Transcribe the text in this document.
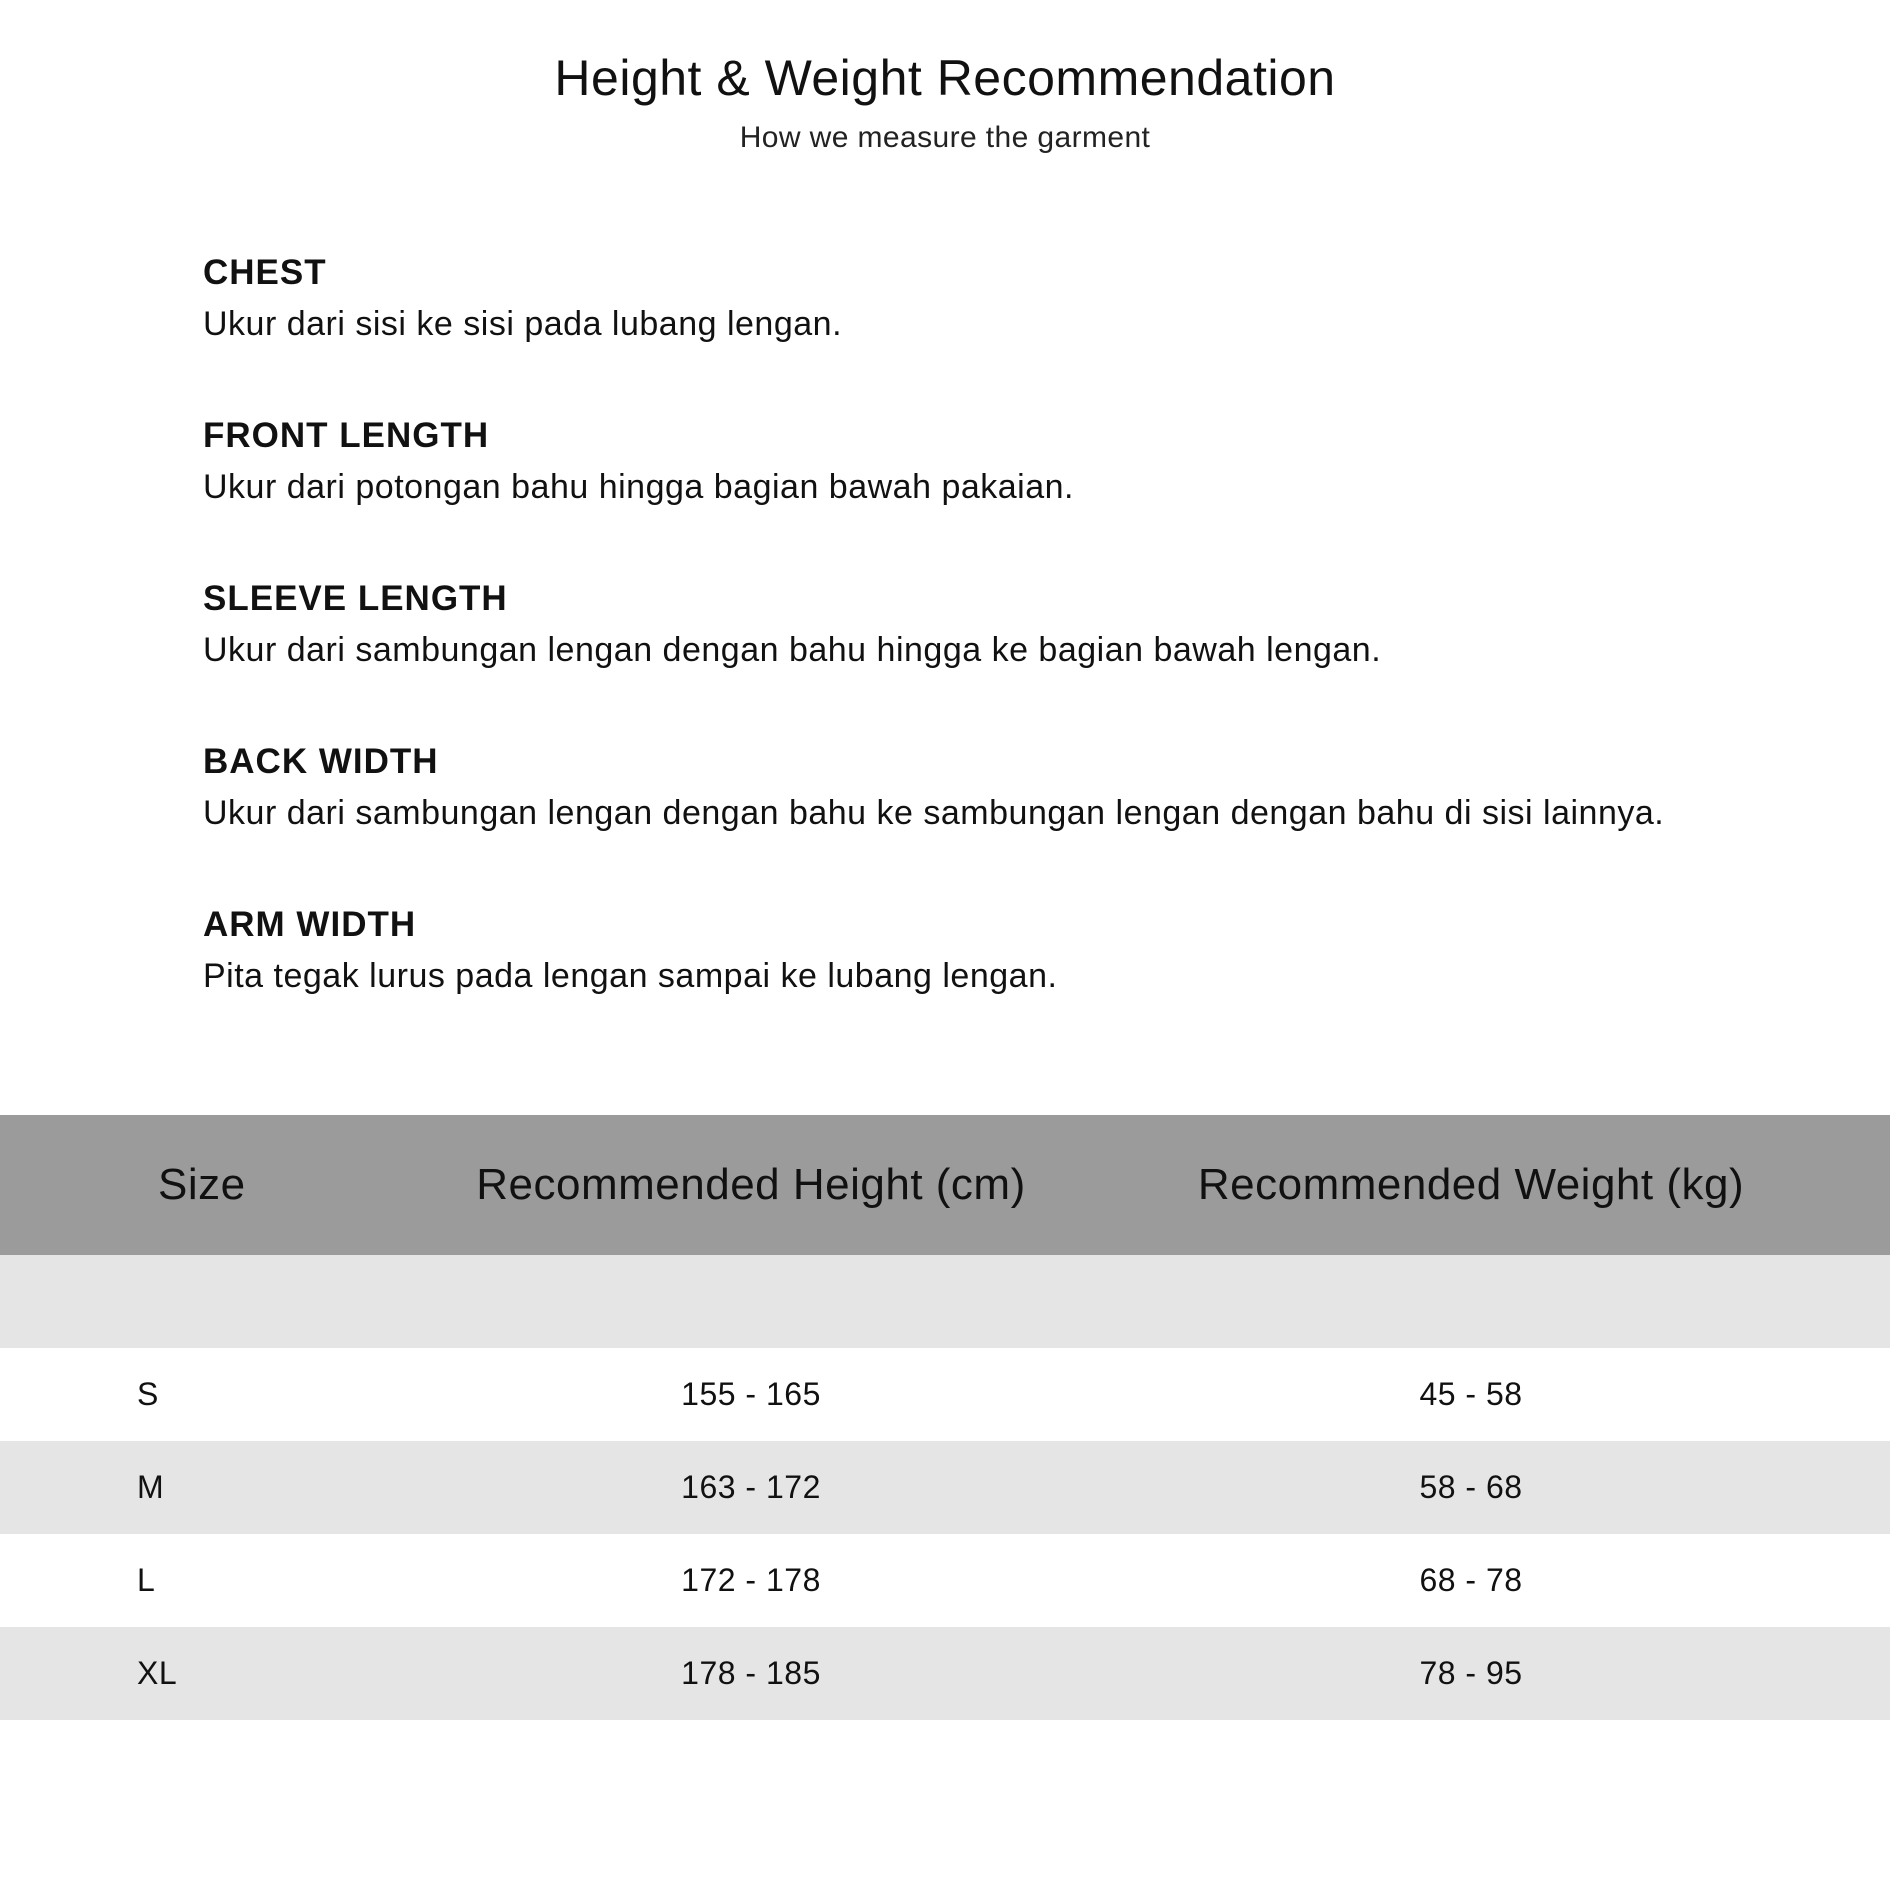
Height & Weight Recommendation
How we measure the garment
CHEST
Ukur dari sisi ke sisi pada lubang lengan.
FRONT LENGTH
Ukur dari potongan bahu hingga bagian bawah pakaian.
SLEEVE LENGTH
Ukur dari sambungan lengan dengan bahu hingga ke bagian bawah lengan.
BACK WIDTH
Ukur dari sambungan lengan dengan bahu ke sambungan lengan dengan bahu di sisi lainnya.
ARM WIDTH
Pita tegak lurus pada lengan sampai ke lubang lengan.
Size	Recommended Height (cm)	Recommended Weight (kg)
S	155 - 165	45 - 58
M	163 - 172	58 - 68
L	172 - 178	68 - 78
XL	178 - 185	78 - 95
